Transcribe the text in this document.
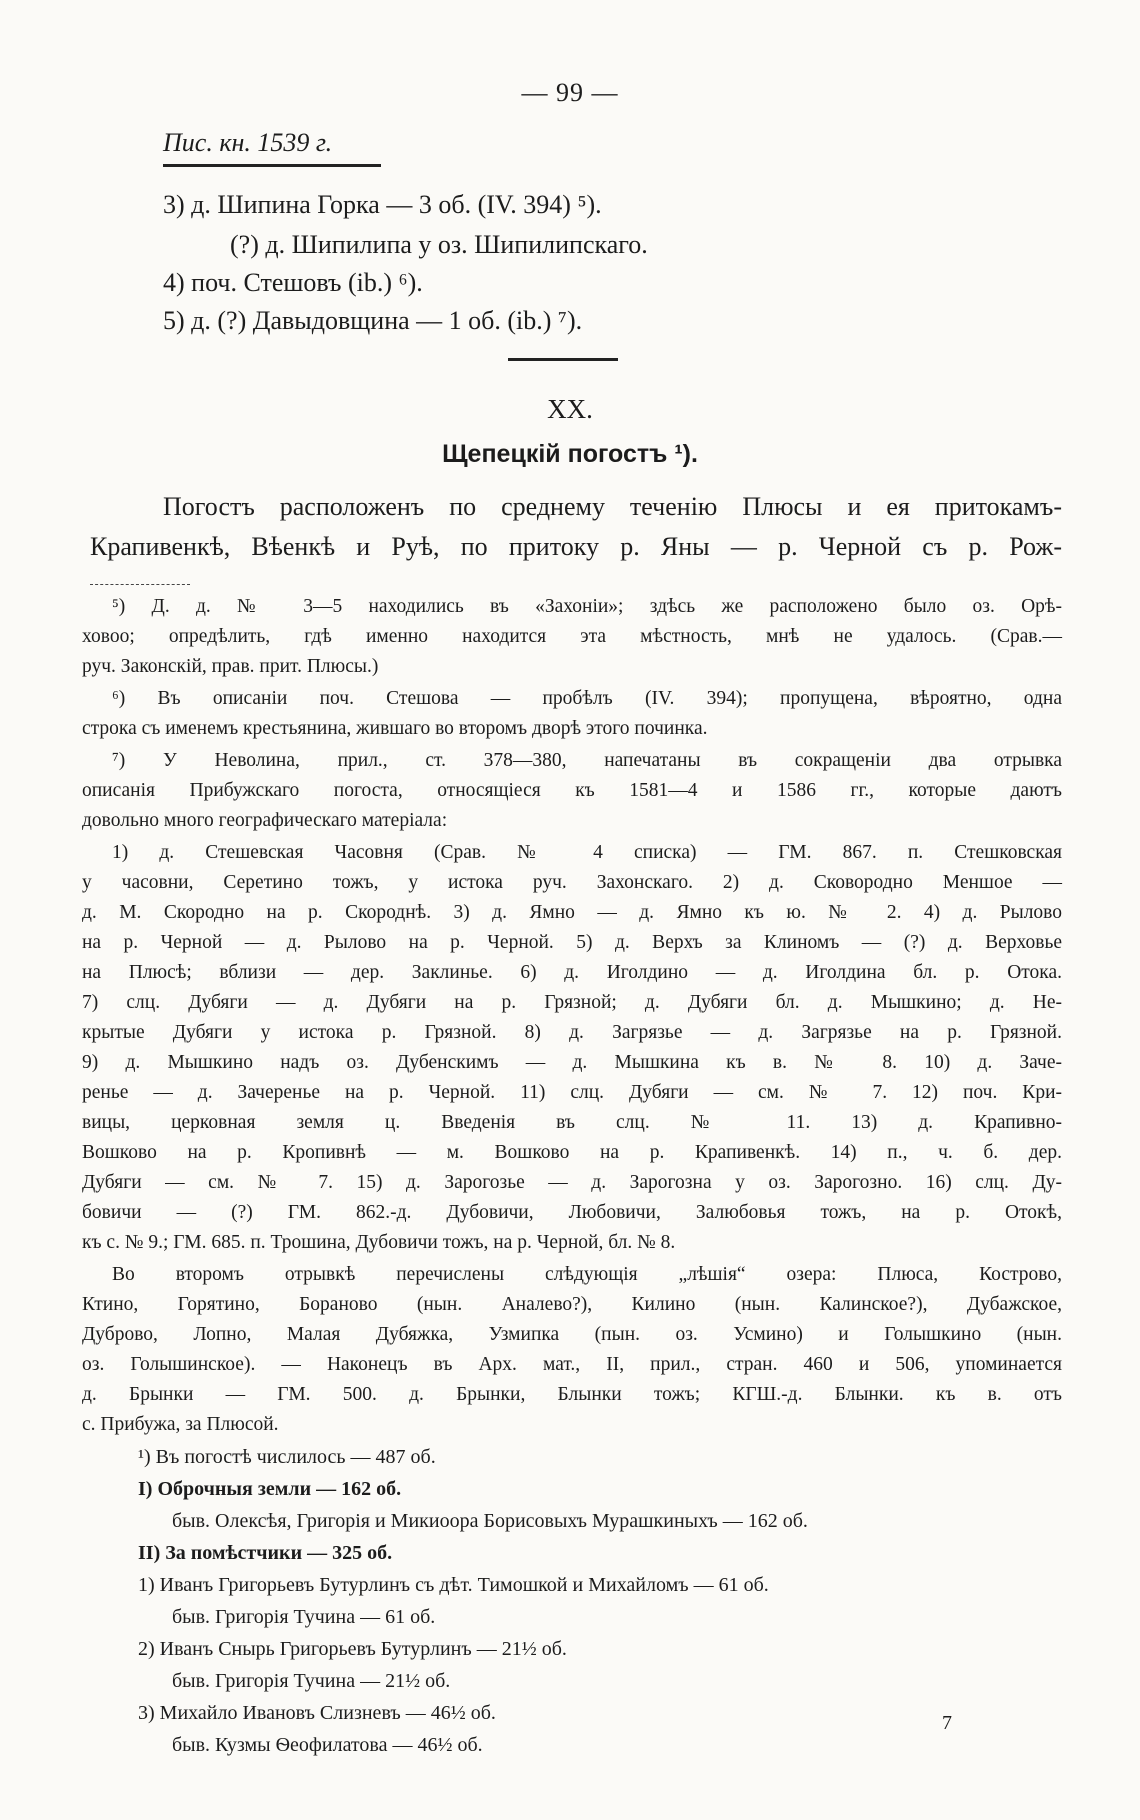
— 99 —
Пис. кн. 1539 г.
3) д. Шипина Горка — 3 об. (IV. 394) ⁵).
(?) д. Шипилипа у оз. Шипилипскаго.
4) поч. Стешовъ (ib.) ⁶).
5) д. (?) Давыдовщина — 1 об. (ib.) ⁷).
XX.
Щепецкій погостъ ¹).
Погостъ расположенъ по среднему теченію Плюсы и ея притокамъ-
Крапивенкѣ, Вѣенкѣ и Руѣ, по притоку р. Яны — р. Черной съ р. Рож-
⁵) Д. д. № 3—5 находились въ «Захоніи»; здѣсь же расположено было оз. Орѣ-
ховоо; опредѣлить, гдѣ именно находится эта мѣстность, мнѣ не удалось. (Срав.—
руч. Законскій, прав. прит. Плюсы.)
⁶) Въ описаніи поч. Стешова — пробѣлъ (IV. 394); пропущена, вѣроятно, одна
строка съ именемъ крестьянина, жившаго во второмъ дворѣ этого починка.
⁷) У Неволина, прил., ст. 378—380, напечатаны въ сокращеніи два отрывка
описанія Прибужскаго погоста, относящіеся къ 1581—4 и 1586 гг., которые даютъ
довольно много географическаго матеріала:
1) д. Стешевская Часовня (Срав. № 4 списка) — ГМ. 867. п. Стешковская
у часовни, Серетино тожъ, у истока руч. Захонскаго. 2) д. Сковородно Меншое —
д. М. Скородно на р. Скороднѣ. 3) д. Ямно — д. Ямно къ ю. № 2. 4) д. Рылово
на р. Черной — д. Рылово на р. Черной. 5) д. Верхъ за Клиномъ — (?) д. Верховье
на Плюсѣ; вблизи — дер. Заклинье. 6) д. Иголдино — д. Иголдина бл. р. Отока.
7) слц. Дубяги — д. Дубяги на р. Грязной; д. Дубяги бл. д. Мышкино; д. Не-
крытые Дубяги у истока р. Грязной. 8) д. Загрязье — д. Загрязье на р. Грязной.
9) д. Мышкино надъ оз. Дубенскимъ — д. Мышкина къ в. № 8. 10) д. Заче-
ренье — д. Зачеренье на р. Черной. 11) слц. Дубяги — см. № 7. 12) поч. Кри-
вицы, церковная земля ц. Введенія въ слц. № 11. 13) д. Крапивно-
Вошково на р. Кропивнѣ — м. Вошково на р. Крапивенкѣ. 14) п., ч. б. дер.
Дубяги — см. № 7. 15) д. Зарогозье — д. Зарогозна у оз. Зарогозно. 16) слц. Ду-
бовичи — (?) ГМ. 862.-д. Дубовичи, Любовичи, Залюбовья тожъ, на р. Отокѣ,
къ с. № 9.; ГМ. 685. п. Трошина, Дубовичи тожъ, на р. Черной, бл. № 8.
Во второмъ отрывкѣ перечислены слѣдующія „лѣшія“ озера: Плюса, Кострово,
Ктино, Горятино, Бораново (нын. Аналево?), Килино (нын. Калинское?), Дубажское,
Дуброво, Лопно, Малая Дубяжка, Узмипка (пын. оз. Усмино) и Голышкино (нын.
оз. Голышинское). — Наконецъ въ Арх. мат., II, прил., стран. 460 и 506, упоминается
д. Брынки — ГМ. 500. д. Брынки, Блынки тожъ; КГШ.-д. Блынки. къ в. отъ
с. Прибужа, за Плюсой.
¹) Въ погостѣ числилось — 487 об.
I) Оброчныя земли — 162 об.
быв. Олексѣя, Григорія и Микиоора Борисовыхъ Мурашкиныхъ — 162 об.
II) За помѣстчики — 325 об.
1) Иванъ Григорьевъ Бутурлинъ съ дѣт. Тимошкой и Михайломъ — 61 об.
быв. Григорія Тучина — 61 об.
2) Иванъ Снырь Григорьевъ Бутурлинъ — 21½ об.
быв. Григорія Тучина — 21½ об.
3) Михайло Ивановъ Слизневъ — 46½ об.
быв. Кузмы Ѳеофилатова — 46½ об.
7
